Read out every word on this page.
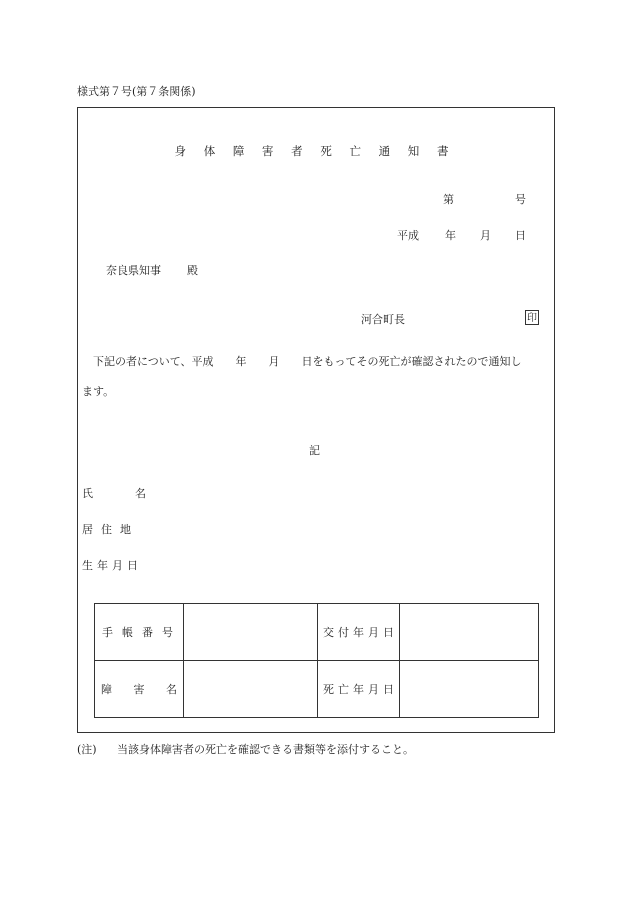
様式第７号(第７条関係)
身 体 障 害 者 死 亡 通 知 書
第	号
平成 年 月 日
奈良県知事 殿
河合町長	印
下記の者について、平成　　年　　月　　日をもってその死亡が確認されたので通知し
ます。
記
氏	名
居住地
生年月日
手帳番号		交付年月日	

障 害 名		死亡年月日	
(注) 当該身体障害者の死亡を確認できる書類等を添付すること。
